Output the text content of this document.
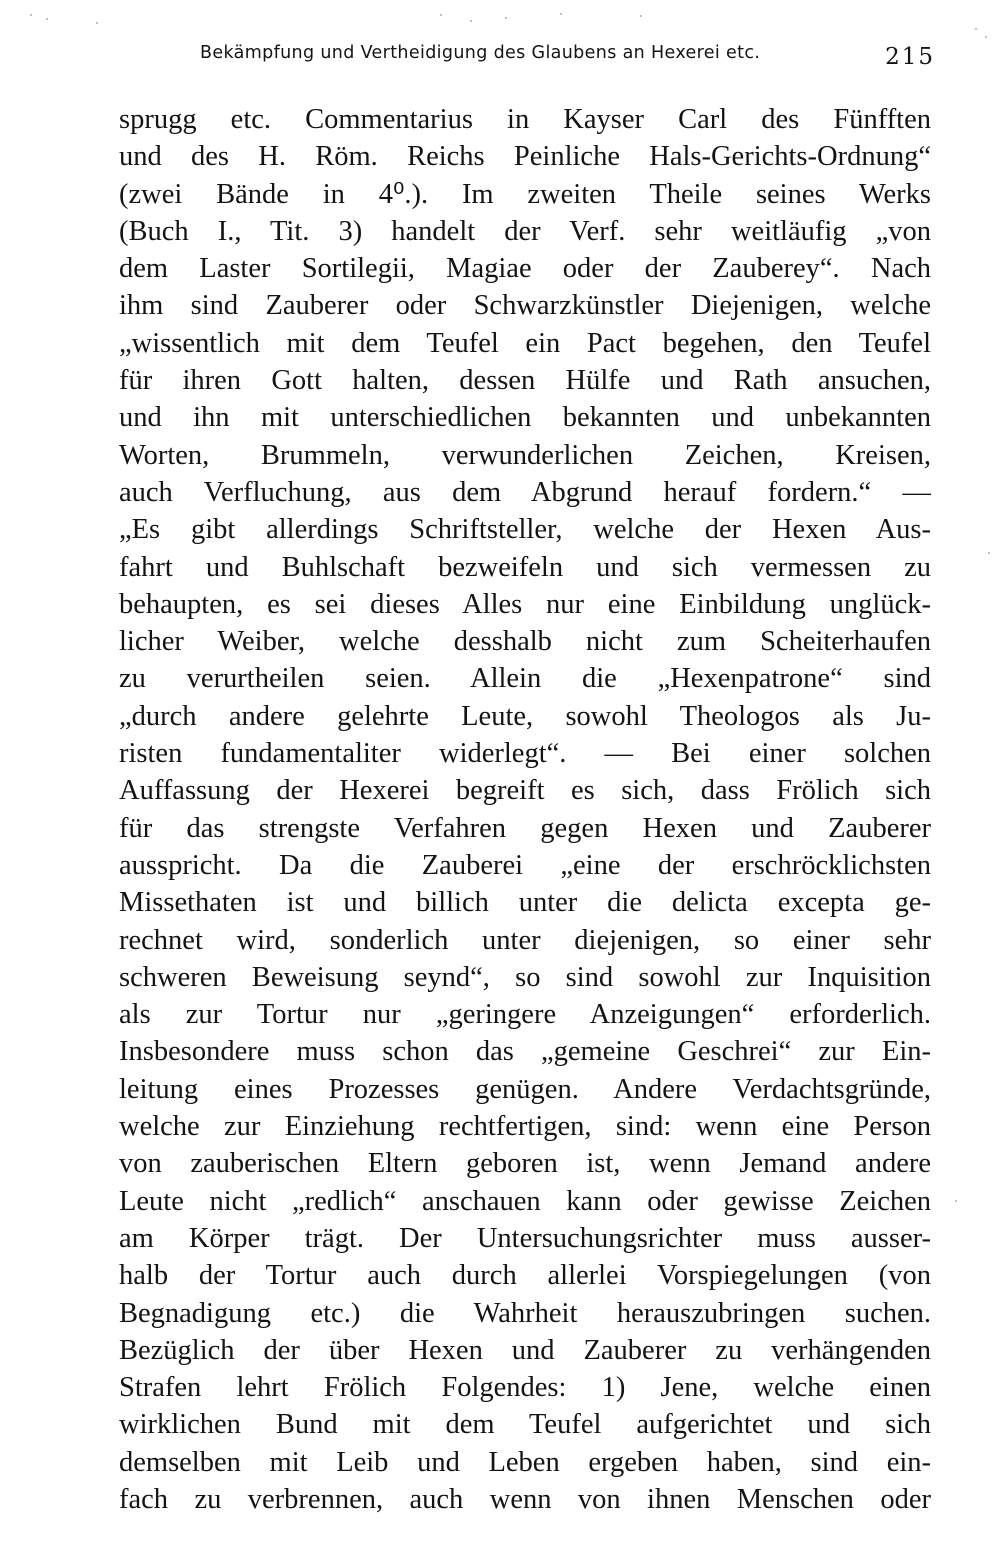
Bekämpfung und Vertheidigung des Glaubens an Hexerei etc.	215
sprugg etc. Commentarius in Kayser Carl des Fünfften
und des H. Röm. Reichs Peinliche Hals-Gerichts-Ordnung“
(zwei Bände in 4⁰.). Im zweiten Theile seines Werks
(Buch I., Tit. 3) handelt der Verf. sehr weitläufig „von
dem Laster Sortilegii, Magiae oder der Zauberey“. Nach
ihm sind Zauberer oder Schwarzkünstler Diejenigen, welche
„wissentlich mit dem Teufel ein Pact begehen, den Teufel
für ihren Gott halten, dessen Hülfe und Rath ansuchen,
und ihn mit unterschiedlichen bekannten und unbekannten
Worten, Brummeln, verwunderlichen Zeichen, Kreisen,
auch Verfluchung, aus dem Abgrund herauf fordern.“ —
„Es gibt allerdings Schriftsteller, welche der Hexen Aus-
fahrt und Buhlschaft bezweifeln und sich vermessen zu
behaupten, es sei dieses Alles nur eine Einbildung unglück-
licher Weiber, welche desshalb nicht zum Scheiterhaufen
zu verurtheilen seien. Allein die „Hexenpatrone“ sind
„durch andere gelehrte Leute, sowohl Theologos als Ju-
risten fundamentaliter widerlegt“. — Bei einer solchen
Auffassung der Hexerei begreift es sich, dass Frölich sich
für das strengste Verfahren gegen Hexen und Zauberer
ausspricht. Da die Zauberei „eine der erschröcklichsten
Missethaten ist und billich unter die delicta excepta ge-
rechnet wird, sonderlich unter diejenigen, so einer sehr
schweren Beweisung seynd“, so sind sowohl zur Inquisition
als zur Tortur nur „geringere Anzeigungen“ erforderlich.
Insbesondere muss schon das „gemeine Geschrei“ zur Ein-
leitung eines Prozesses genügen. Andere Verdachtsgründe,
welche zur Einziehung rechtfertigen, sind: wenn eine Person
von zauberischen Eltern geboren ist, wenn Jemand andere
Leute nicht „redlich“ anschauen kann oder gewisse Zeichen
am Körper trägt. Der Untersuchungsrichter muss ausser-
halb der Tortur auch durch allerlei Vorspiegelungen (von
Begnadigung etc.) die Wahrheit herauszubringen suchen.
Bezüglich der über Hexen und Zauberer zu verhängenden
Strafen lehrt Frölich Folgendes: 1) Jene, welche einen
wirklichen Bund mit dem Teufel aufgerichtet und sich
demselben mit Leib und Leben ergeben haben, sind ein-
fach zu verbrennen, auch wenn von ihnen Menschen oder
